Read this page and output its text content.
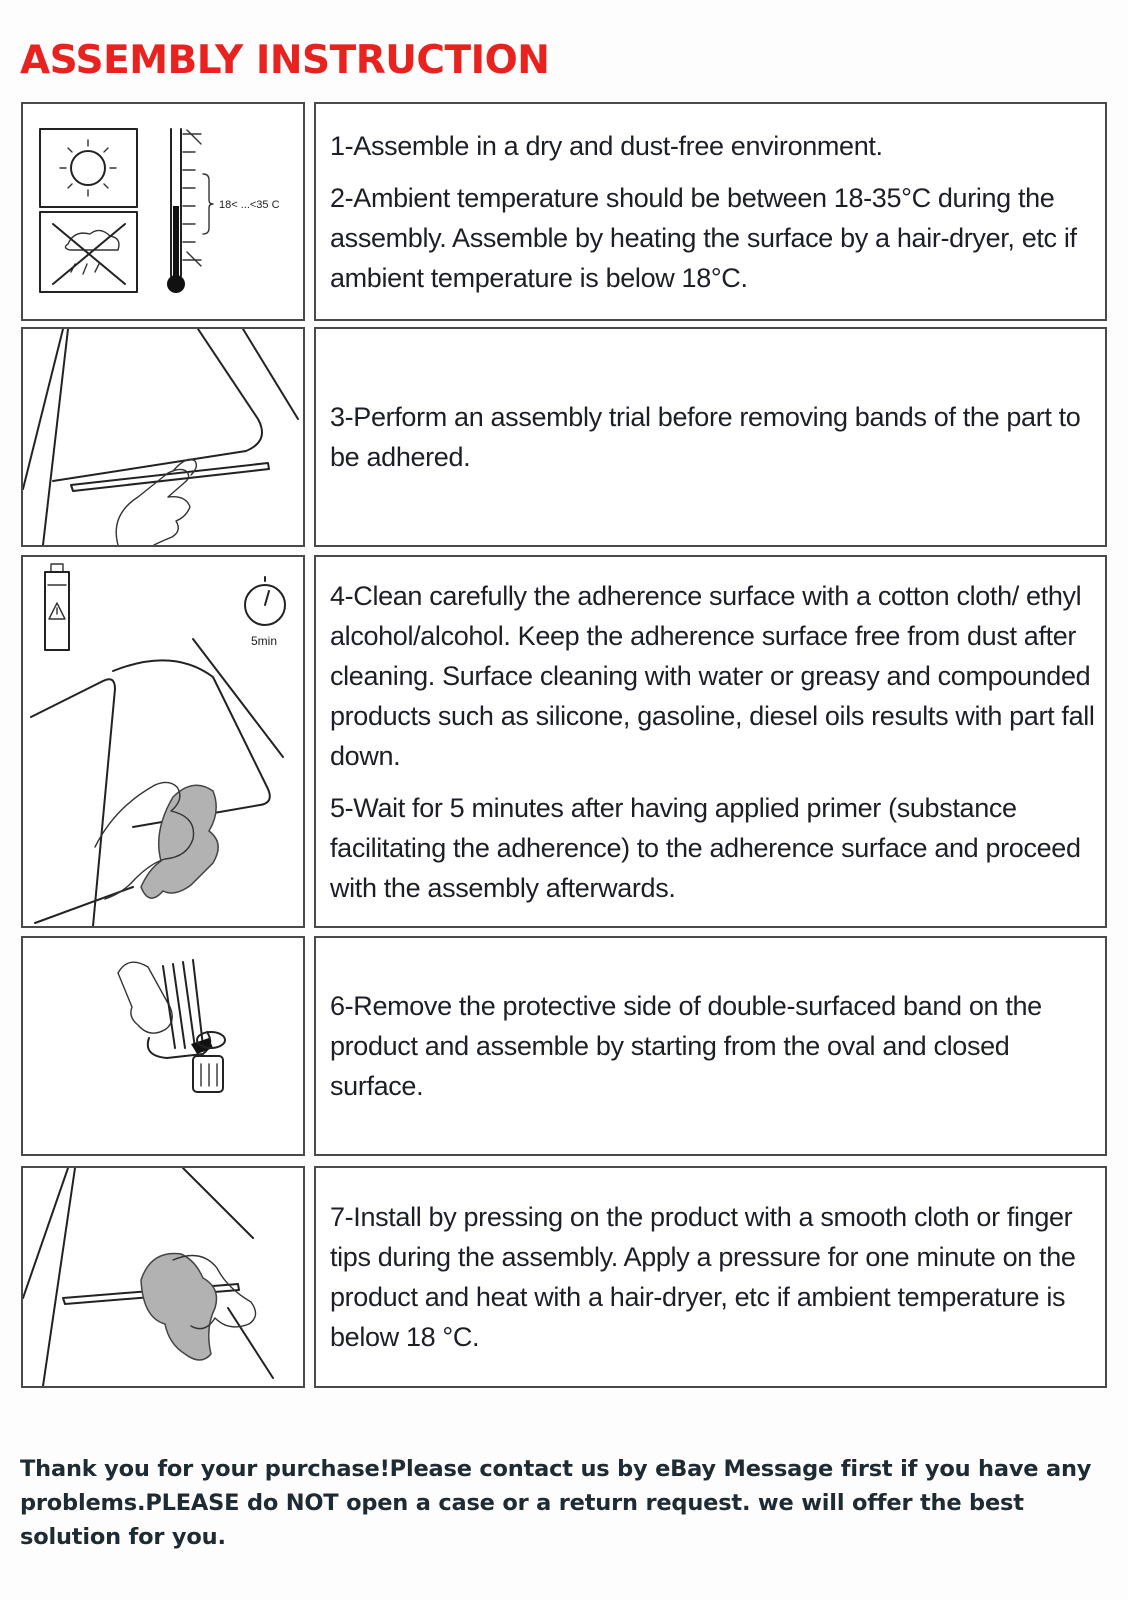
ASSEMBLY INSTRUCTION
18< ...<35 C

1-Assemble in a dry and dust-free environment.

2-Ambient temperature should be between 18-35°C during the assembly. Assemble by heating the surface by a hair-dryer, etc if ambient temperature is below 18°C.

3-Perform an assembly trial before removing bands of the part to be adhered.

5min

4-Clean carefully the adherence surface with a cotton cloth/ ethyl alcohol/alcohol. Keep the adherence surface free from dust after cleaning. Surface cleaning with water or greasy and compounded products such as silicone, gasoline, diesel oils results with part fall down.

5-Wait for 5 minutes after having applied primer (substance facilitating the adherence) to the adherence surface and proceed with the assembly afterwards.

6-Remove the protective side of double-surfaced band on the product and assemble by starting from the oval and closed surface.

7-Install by pressing on the product with a smooth cloth or finger tips during the assembly. Apply a pressure for one minute on the product and heat with a hair-dryer, etc if ambient temperature is below 18 °C.

Thank you for your purchase!Please contact us by eBay Message first if you have any problems.PLEASE do NOT open a case or a return request. we will offer the best solution for you.
